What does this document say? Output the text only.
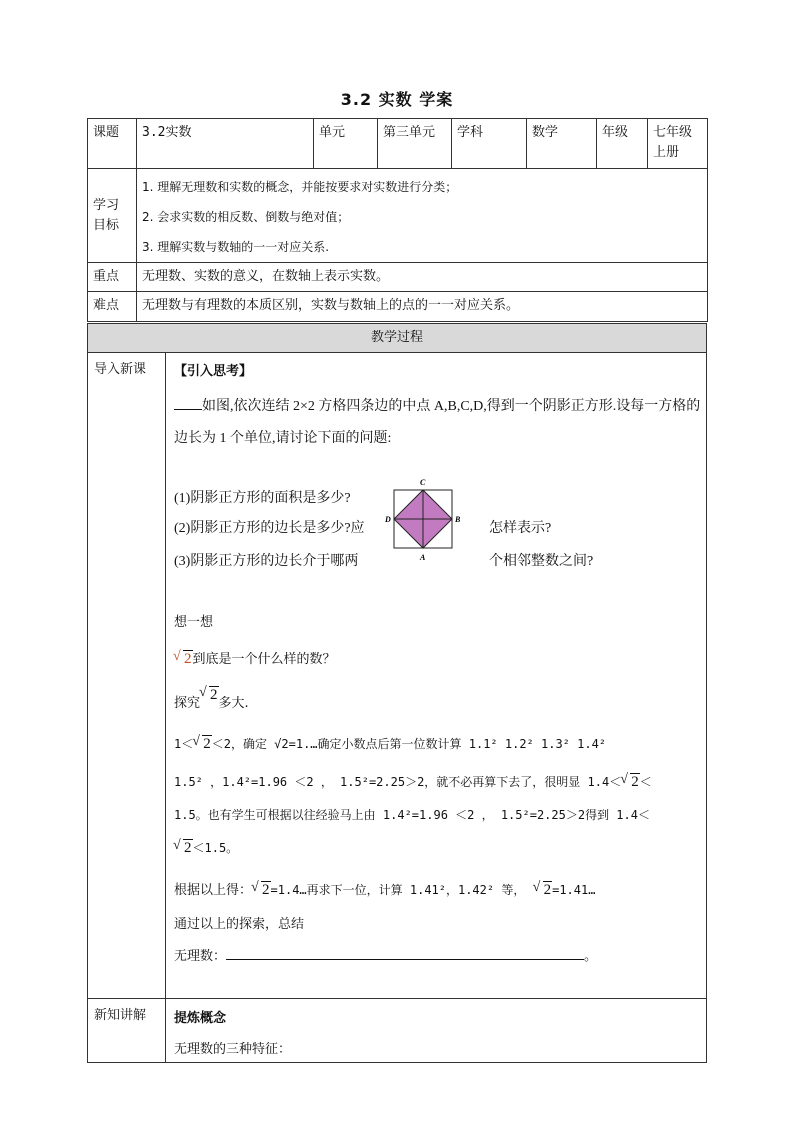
3.2 实数 学案
课题	3.2实数	单元	第三单元	学科	数学	年级	七年级上册
学习目标	1. 理解无理数和实数的概念，并能按要求对实数进行分类；
2. 会求实数的相反数、倒数与绝对值；
3. 理解实数与数轴的一一对应关系.						

重点	无理数、实数的意义，在数轴上表示实数。						
难点	无理数与有理数的本质区别，实数与数轴上的点的一一对应关系。						
教学过程
导入新课	【引入思考】
如图,依次连结 2×2 方格四条边的中点 A,B,C,D,得到一个阴影正方形.设每一方格的
边长为 1 个单位,请讨论下面的问题:
(1)阴影正方形的面积是多少?
(2)阴影正方形的边长是多少?应	怎样表示?
(3)阴影正方形的边长介于哪两	个相邻整数之间?
C
B
A
D
想一想
√ 2到底是一个什么样的数？
探究√ 2多大.
1＜ √ 2＜2，确定 √2=1.…确定小数点后第一位数计算 1.1² 1.2² 1.3² 1.4²
1.5² ，1.4²=1.96 ＜2 ， 1.5²=2.25＞2，就不必再算下去了，很明显 1.4＜ √ 2＜
1.5。也有学生可根据以往经验马上由 1.4²=1.96 ＜2 ， 1.5²=2.25＞2得到 1.4＜
√ 2＜1.5。
根据以上得： √ 2=1.4…再求下一位，计算 1.41²，1.42² 等， √ 2=1.41…
通过以上的探索，总结
无理数：	。
新知讲解	提炼概念
无理数的三种特征：
